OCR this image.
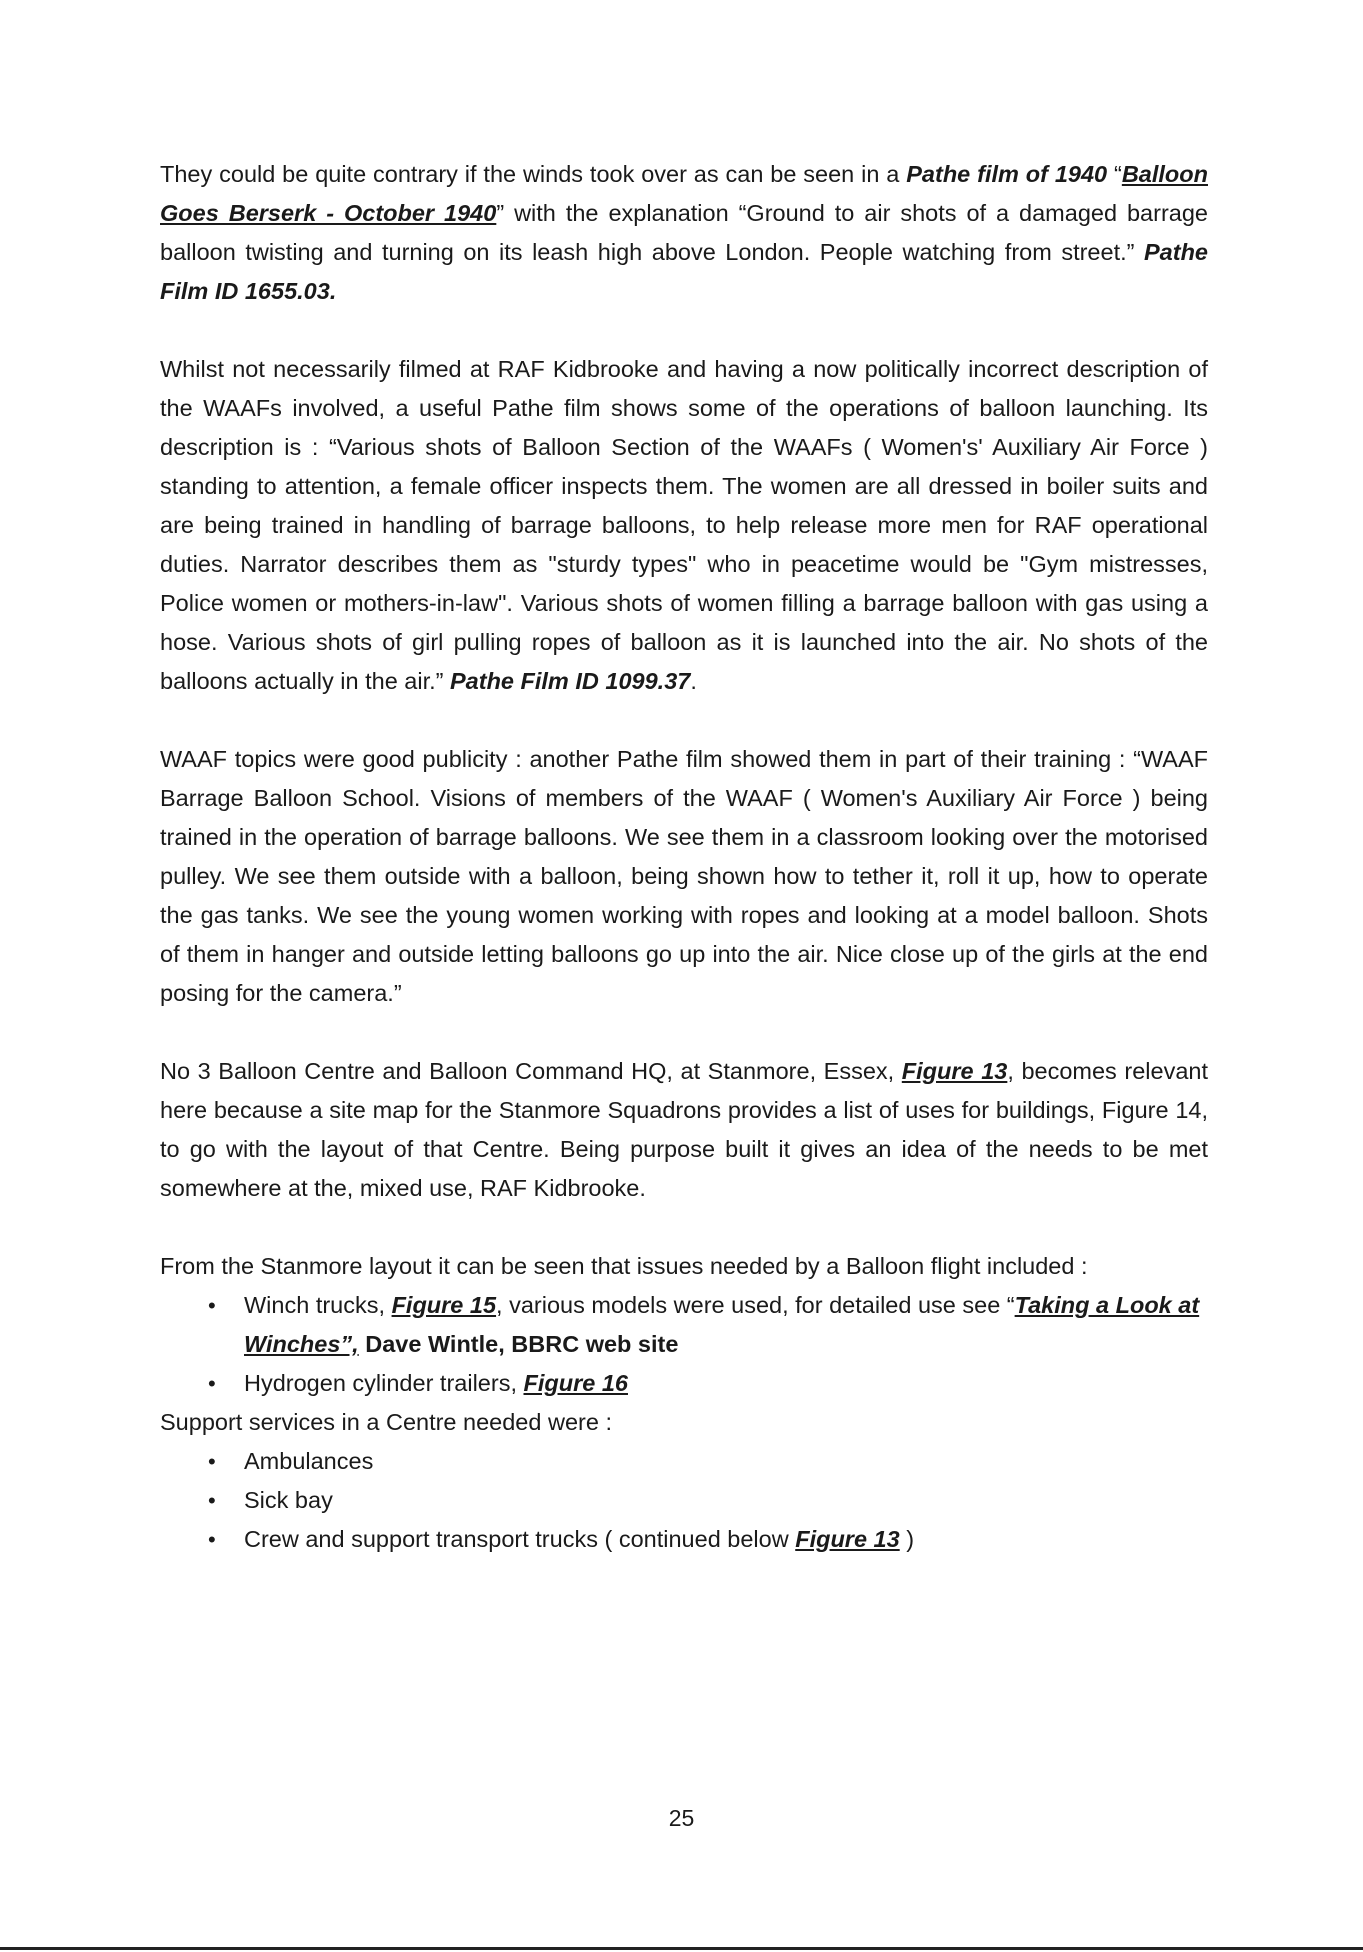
They could be quite contrary if the winds took over as can be seen in a Pathe film of 1940 “Balloon Goes Berserk - October 1940” with the explanation “Ground to air shots of a damaged barrage balloon twisting and turning on its leash high above London. People watching from street.” Pathe Film ID 1655.03.

Whilst not necessarily filmed at RAF Kidbrooke and having a now politically incorrect description of the WAAFs involved, a useful Pathe film shows some of the operations of balloon launching. Its description is : “Various shots of Balloon Section of the WAAFs ( Women's' Auxiliary Air Force ) standing to attention, a female officer inspects them. The women are all dressed in boiler suits and are being trained in handling of barrage balloons, to help release more men for RAF operational duties. Narrator describes them as "sturdy types" who in peacetime would be "Gym mistresses, Police women or mothers-in-law". Various shots of women filling a barrage balloon with gas using a hose. Various shots of girl pulling ropes of balloon as it is launched into the air. No shots of the balloons actually in the air.” Pathe Film ID 1099.37.

WAAF topics were good publicity : another Pathe film showed them in part of their training : “WAAF Barrage Balloon School. Visions of members of the WAAF ( Women's Auxiliary Air Force ) being trained in the operation of barrage balloons. We see them in a classroom looking over the motorised pulley. We see them outside with a balloon, being shown how to tether it, roll it up, how to operate the gas tanks. We see the young women working with ropes and looking at a model balloon. Shots of them in hanger and outside letting balloons go up into the air. Nice close up of the girls at the end posing for the camera.”

No 3 Balloon Centre and Balloon Command HQ, at Stanmore, Essex, Figure 13, becomes relevant here because a site map for the Stanmore Squadrons provides a list of uses for buildings, Figure 14, to go with the layout of that Centre. Being purpose built it gives an idea of the needs to be met somewhere at the, mixed use, RAF Kidbrooke.

From the Stanmore layout it can be seen that issues needed by a Balloon flight included :
• Winch trucks, Figure 15, various models were used, for detailed use see “Taking a Look at Winches”, Dave Wintle, BBRC web site
• Hydrogen cylinder trailers, Figure 16
Support services in a Centre needed were :
• Ambulances
• Sick bay
• Crew and support transport trucks ( continued below Figure 13 )
25
